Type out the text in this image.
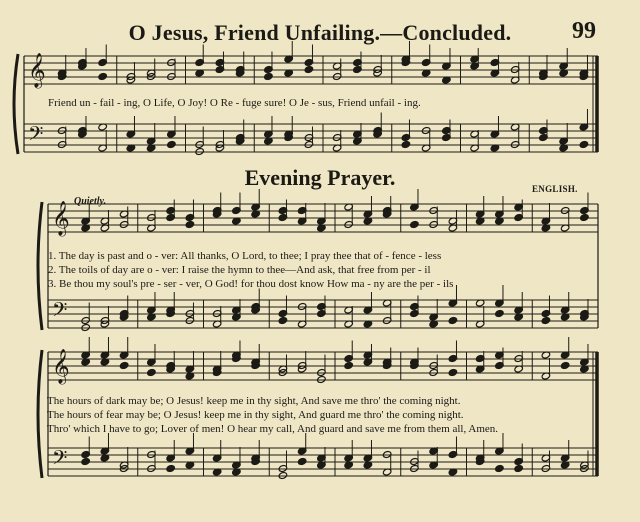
O Jesus, Friend Unfailing.—Concluded.	99
Evening Prayer.
Quietly.
ENGLISH.
Friend un - fail - ing, O Life, O Joy! O Re - fuge sure! O Je - sus, Friend unfail - ing.
1. The day is past and o - ver: All thanks, O Lord, to thee; I pray thee that of - fence - less
2. The toils of day are o - ver: I raise the hymn to thee—And ask, that free from per - il
3. Be thou my soul's pre - ser - ver, O God! for thou dost know How ma - ny are the per - ils
The hours of dark may be; O Jesus! keep me in thy sight, And save me thro' the coming night.
The hours of fear may be; O Jesus! keep me in thy sight, And guard me thro' the coming night.
Thro' which I have to go; Lover of men! O hear my call, And guard and save me from them all, Amen.
𝄞
𝄢
𝄞
𝄢
𝄞
𝄢
